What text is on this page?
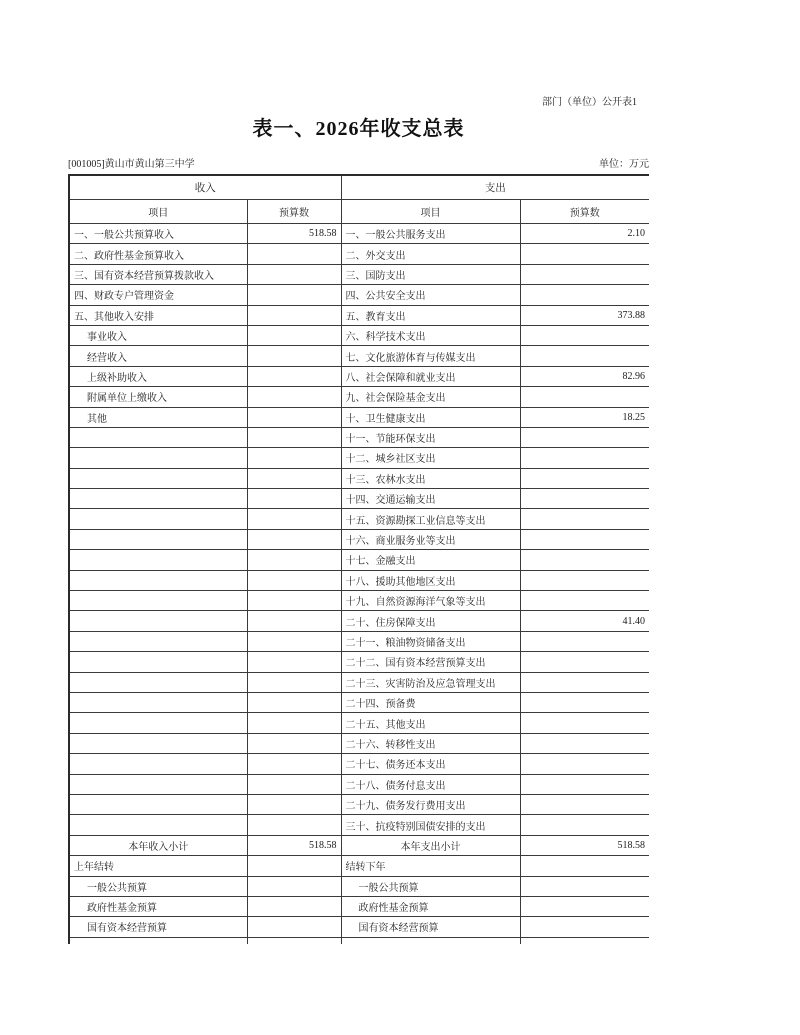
部门（单位）公开表1
表一、2026年收支总表
[001005]黄山市黄山第三中学	单位：万元
收入		支出	
项目	预算数	项目	预算数
一、一般公共预算收入	518.58	一、一般公共服务支出	2.10
二、政府性基金预算收入		二、外交支出	
三、国有资本经营预算拨款收入		三、国防支出	
四、财政专户管理资金		四、公共安全支出	
五、其他收入安排		五、教育支出	373.88
事业收入		六、科学技术支出	
经营收入		七、文化旅游体育与传媒支出	
上级补助收入		八、社会保障和就业支出	82.96
附属单位上缴收入		九、社会保险基金支出	
其他		十、卫生健康支出	18.25
		十一、节能环保支出	
		十二、城乡社区支出	
		十三、农林水支出	
		十四、交通运输支出	
		十五、资源勘探工业信息等支出	
		十六、商业服务业等支出	
		十七、金融支出	
		十八、援助其他地区支出	
		十九、自然资源海洋气象等支出	
		二十、住房保障支出	41.40
		二十一、粮油物资储备支出	
		二十二、国有资本经营预算支出	
		二十三、灾害防治及应急管理支出	
		二十四、预备费	
		二十五、其他支出	
		二十六、转移性支出	
		二十七、债务还本支出	
		二十八、债务付息支出	
		二十九、债务发行费用支出	
		三十、抗疫特别国债安排的支出	
本年收入小计	518.58	本年支出小计	518.58
上年结转		结转下年	
一般公共预算		一般公共预算	
政府性基金预算		政府性基金预算	
国有资本经营预算		国有资本经营预算	
